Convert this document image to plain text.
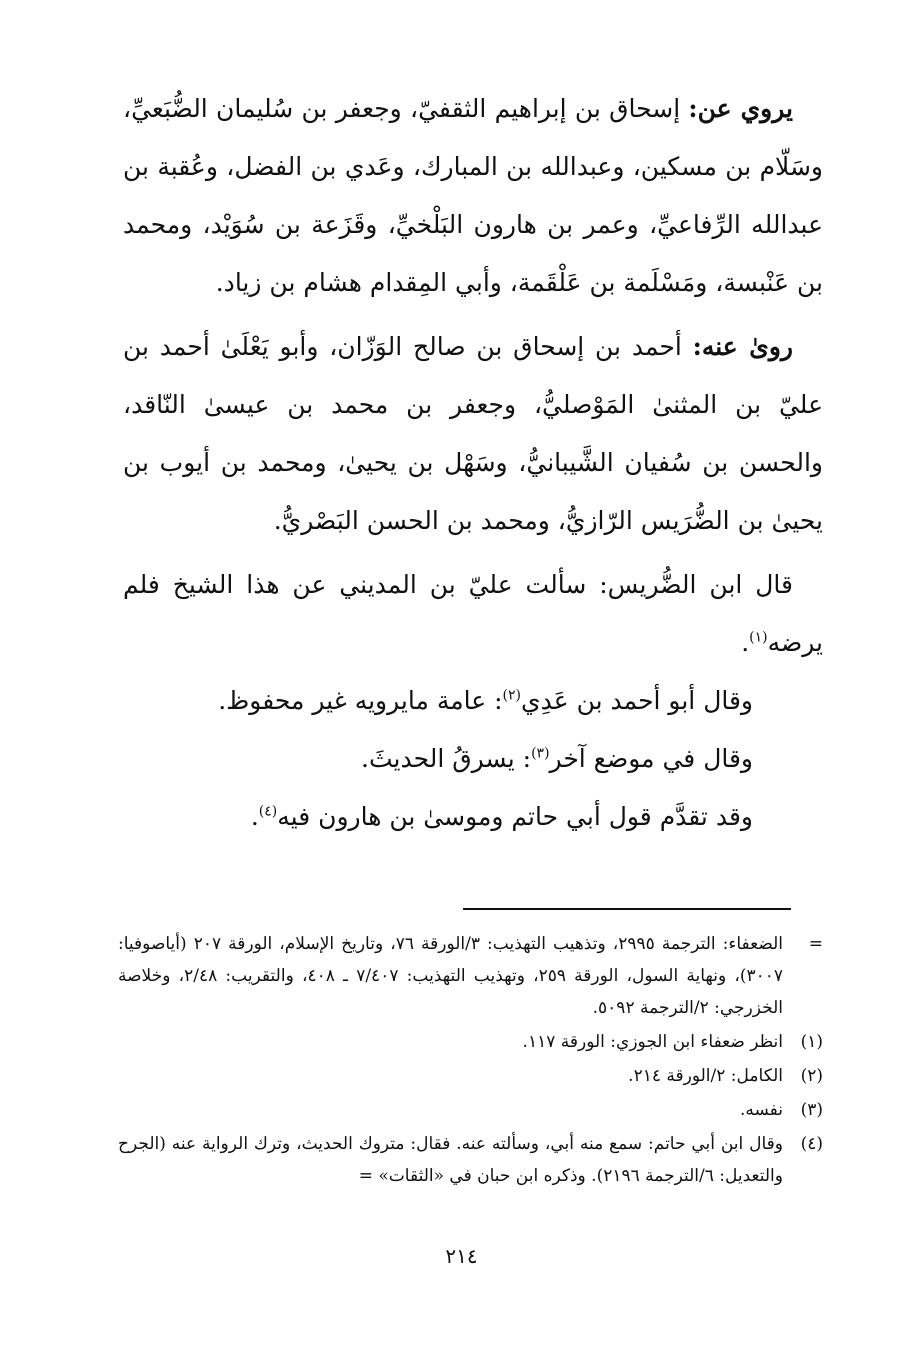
يروي عن: إسحاق بن إبراهيم الثقفيّ، وجعفر بن سُليمان الضُّبَعيِّ، وسَلّام بن مسكين، وعبدالله بن المبارك، وعَدي بن الفضل، وعُقبة بن عبدالله الرِّفاعيِّ، وعمر بن هارون البَلْخيِّ، وقَزَعة بن سُوَيْد، ومحمد بن عَنْبسة، ومَسْلَمة بن عَلْقَمة، وأبي المِقدام هشام بن زياد.

روىٰ عنه: أحمد بن إسحاق بن صالح الوَزّان، وأبو يَعْلَىٰ أحمد بن عليّ بن المثنىٰ المَوْصليُّ، وجعفر بن محمد بن عيسىٰ النّاقد، والحسن بن سُفيان الشَّيبانيُّ، وسَهْل بن يحيىٰ، ومحمد بن أيوب بن يحيىٰ بن الضُّرَيس الرّازيُّ، ومحمد بن الحسن البَصْريُّ.

قال ابن الضُّريس: سألت عليّ بن المديني عن هذا الشيخ فلم يرضه$^{(١)}$.

وقال أبو أحمد بن عَدِي$^{(٢)}$: عامة مايرويه غير محفوظ.

وقال في موضع آخر$^{(٣)}$: يسرقُ الحديثَ.

وقد تقدَّم قول أبي حاتم وموسىٰ بن هارون فيه$^{(٤)}$.

=
الضعفاء: الترجمة ٢٩٩٥، وتذهيب التهذيب: ٣/الورقة ٧٦، وتاريخ الإسلام، الورقة ٢٠٧ (أياصوفيا: ٣٠٠٧)، ونهاية السول، الورقة ٢٥٩، وتهذيب التهذيب: ٧/٤٠٧ ـ ٤٠٨، والتقريب: ٢/٤٨، وخلاصة الخزرجي: ٢/الترجمة ٥٠٩٢.
(١)
انظر ضعفاء ابن الجوزي: الورقة ١١٧.
(٢)
الكامل: ٢/الورقة ٢١٤.
(٣)
نفسه.
(٤)
وقال ابن أبي حاتم: سمع منه أبي، وسألته عنه. فقال: متروك الحديث، وترك الرواية عنه (الجرح والتعديل: ٦/الترجمة ٢١٩٦). وذكره ابن حبان في «الثقات» =
٢١٤
